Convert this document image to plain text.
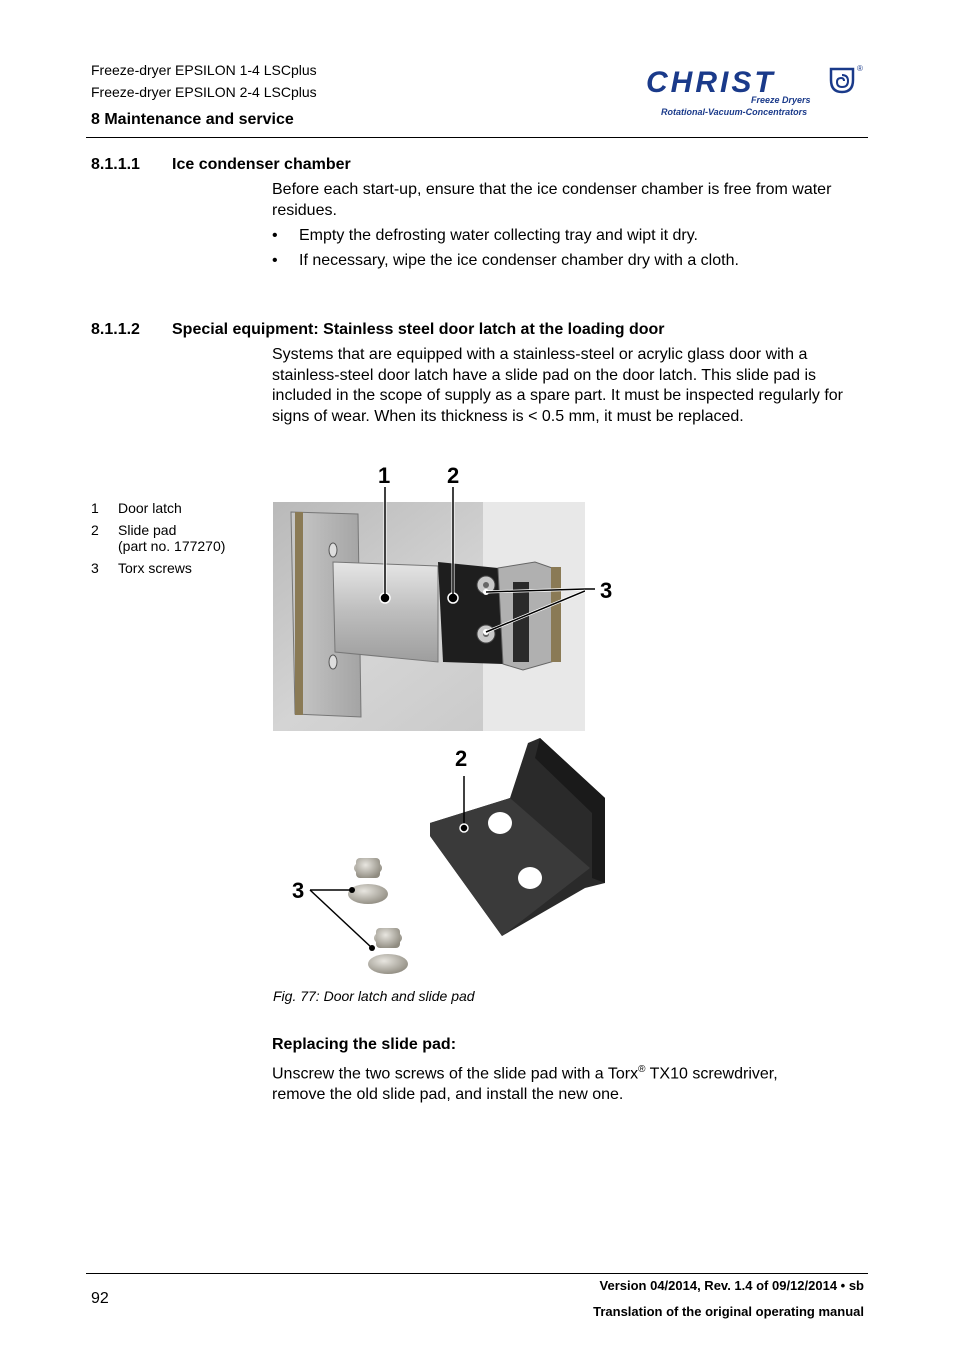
Freeze-dryer EPSILON 1-4 LSCplus
Freeze-dryer EPSILON 2-4 LSCplus
8 Maintenance and service
CHRIST	®
Freeze Dryers
Rotational-Vacuum-Concentrators
8.1.1.1 Ice condenser chamber
Before each start-up, ensure that the ice condenser chamber is free from water residues.
• Empty the defrosting water collecting tray and wipt it dry.
• If necessary, wipe the ice condenser chamber dry with a cloth.
8.1.1.2 Special equipment: Stainless steel door latch at the loading door
Systems that are equipped with a stainless-steel or acrylic glass door with a stainless-steel door latch have a slide pad on the door latch. This slide pad is included in the scope of supply as a spare part. It must be inspected regularly for signs of wear. When its thickness is < 0.5 mm, it must be replaced.
1 Door latch
2 Slide pad
(part no. 177270)
3 Torx screws
1	2
3
2
3
Fig. 77: Door latch and slide pad
Replacing the slide pad:
Unscrew the two screws of the slide pad with a Torx® TX10 screwdriver,
remove the old slide pad, and install the new one.
92
Version 04/2014, Rev. 1.4 of 09/12/2014 • sb
Translation of the original operating manual
